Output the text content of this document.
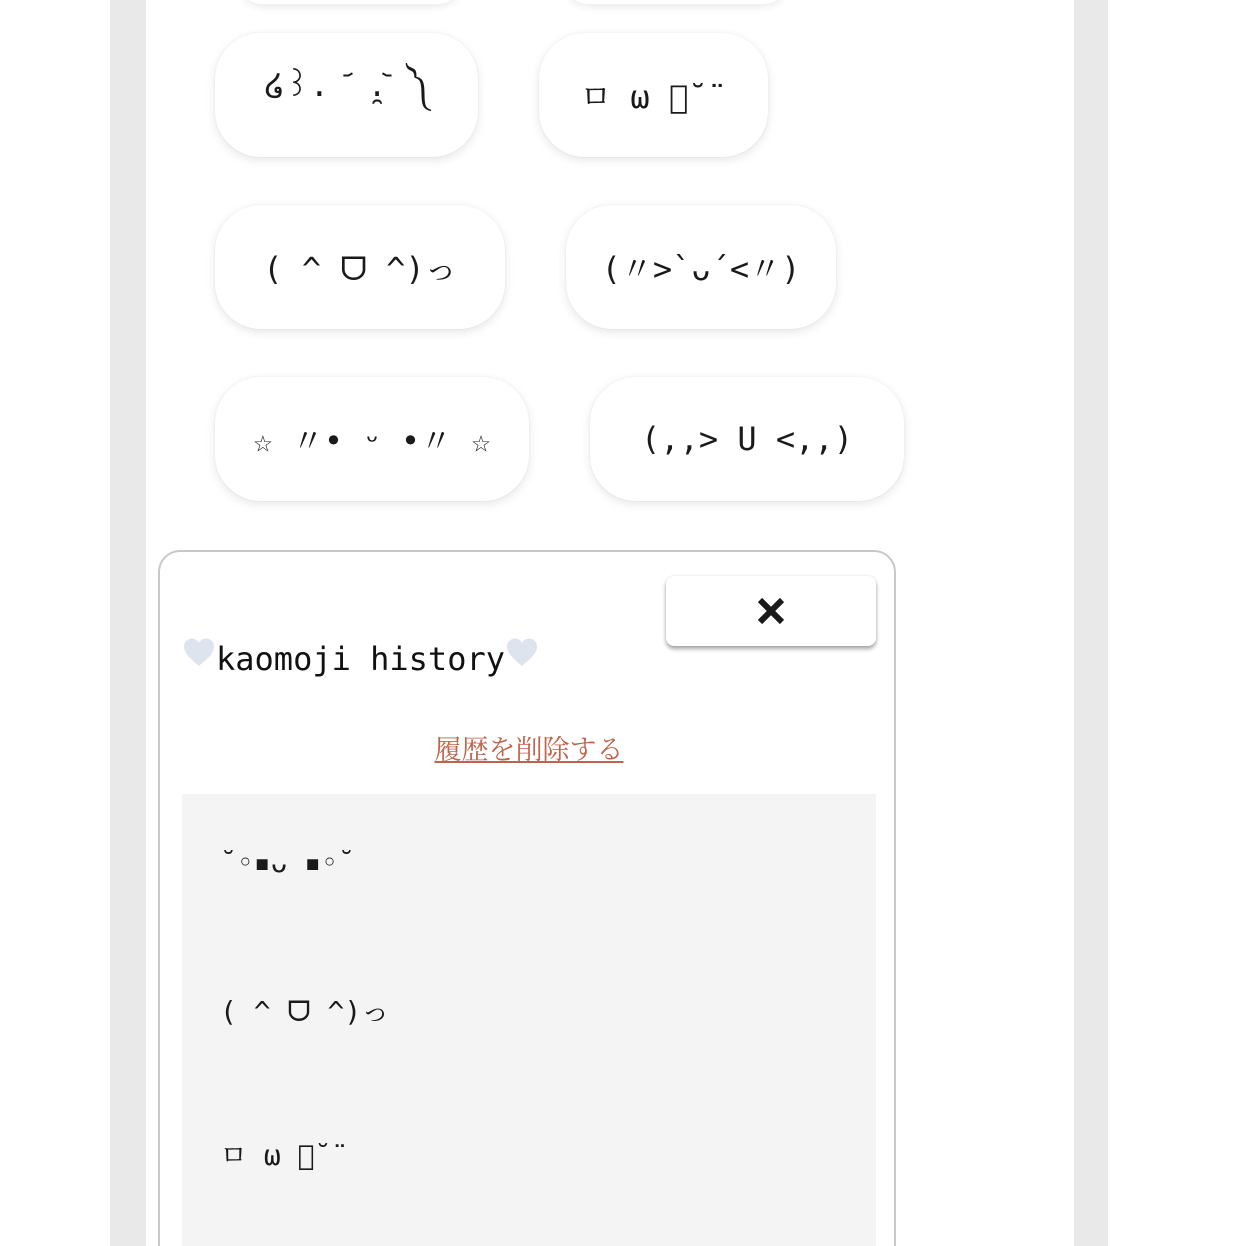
໒꒱. ᷄ ̯.᷅ ༽	ㅁ ω ㅁ̆̈
( ^ ᗜ ^)っ	(〃>`ᴗ´<〃)
☆ 〃• ᵕ •〃 ☆	(,,> U <,,)
kaomoji history
履歴を削除する
˘◦▪︎ᴗ ▪︎◦˘
( ^ ᗜ ^)っ
ㅁ ω ㅁ̆̈
